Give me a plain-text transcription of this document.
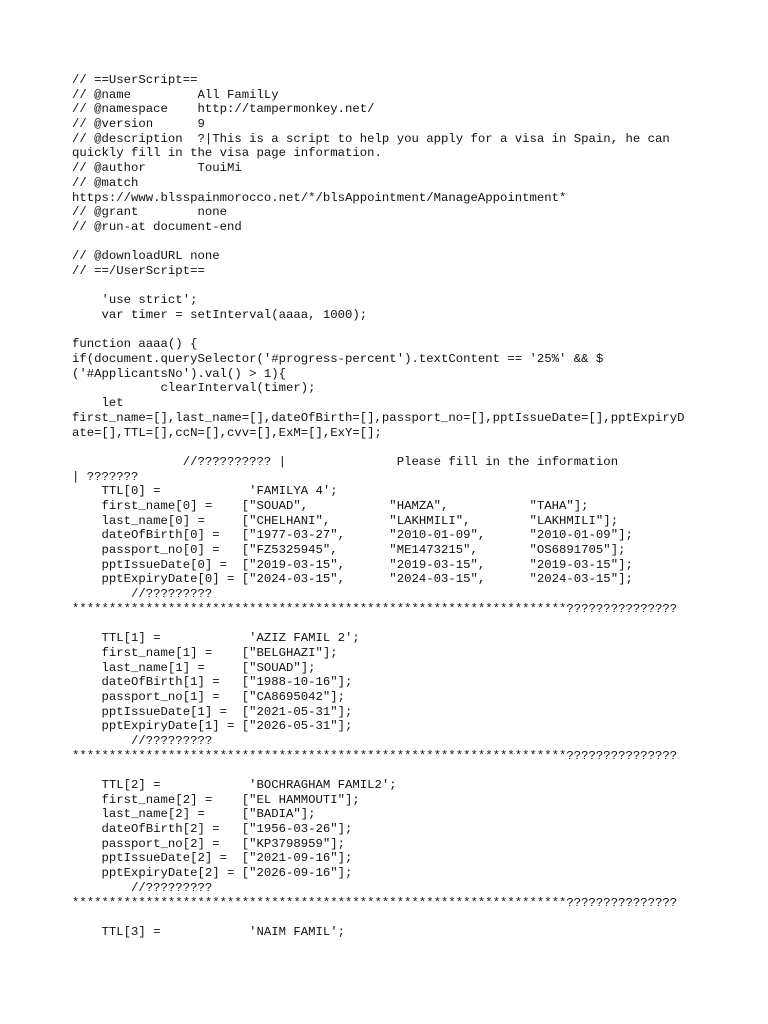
// ==UserScript==
// @name         All FamilLy
// @namespace    http://tampermonkey.net/
// @version      9
// @description  ?|This is a script to help you apply for a visa in Spain, he can
quickly fill in the visa page information.
// @author       TouiMi
// @match
https://www.blsspainmorocco.net/*/blsAppointment/ManageAppointment*
// @grant        none
// @run-at document-end
// @downloadURL none
// ==/UserScript==
'use strict';
var timer = setInterval(aaaa, 1000);
function aaaa() {
if(document.querySelector('#progress-percent').textContent == '25%' && $
('#ApplicantsNo').val() > 1){
clearInterval(timer);
let
first_name=[],last_name=[],dateOfBirth=[],passport_no=[],pptIssueDate=[],pptExpiryD
ate=[],TTL=[],ccN=[],cvv=[],ExM=[],ExY=[];
//?????????? |               Please fill in the information
| ???????
TTL[0] =            'FAMILYA 4';
first_name[0] =    ["SOUAD",           "HAMZA",           "TAHA"];
last_name[0] =     ["CHELHANI",        "LAKHMILI",        "LAKHMILI"];
dateOfBirth[0] =   ["1977-03-27",      "2010-01-09",      "2010-01-09"];
passport_no[0] =   ["FZ5325945",       "ME1473215",       "OS6891705"];
pptIssueDate[0] =  ["2019-03-15",      "2019-03-15",      "2019-03-15"];
pptExpiryDate[0] = ["2024-03-15",      "2024-03-15",      "2024-03-15"];
//?????????
*******************************************************************???????????????
TTL[1] =            'AZIZ FAMIL 2';
first_name[1] =    ["BELGHAZI"];
last_name[1] =     ["SOUAD"];
dateOfBirth[1] =   ["1988-10-16"];
passport_no[1] =   ["CA8695042"];
pptIssueDate[1] =  ["2021-05-31"];
pptExpiryDate[1] = ["2026-05-31"];
//?????????
*******************************************************************???????????????
TTL[2] =            'BOCHRAGHAM FAMIL2';
first_name[2] =    ["EL HAMMOUTI"];
last_name[2] =     ["BADIA"];
dateOfBirth[2] =   ["1956-03-26"];
passport_no[2] =   ["KP3798959"];
pptIssueDate[2] =  ["2021-09-16"];
pptExpiryDate[2] = ["2026-09-16"];
//?????????
*******************************************************************???????????????
TTL[3] =            'NAIM FAMIL';
